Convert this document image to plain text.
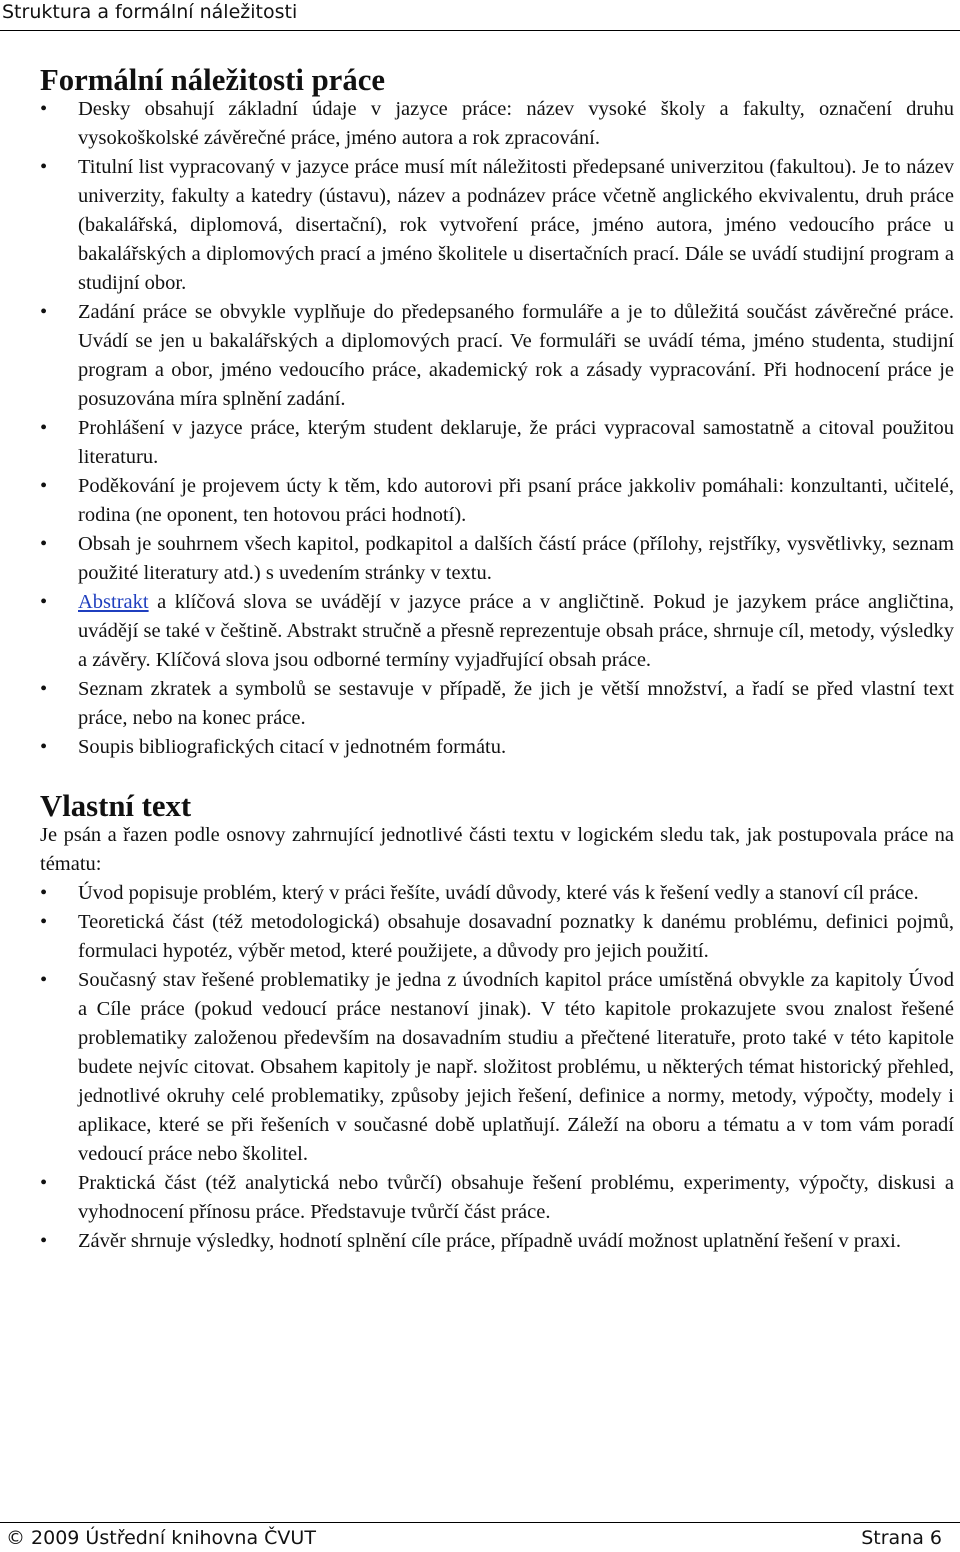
Struktura a formální náležitosti
Formální náležitosti práce
• Desky obsahují základní údaje v jazyce práce: název vysoké školy a fakulty, označení druhu vysokoškolské závěrečné práce, jméno autora a rok zpracování.
• Titulní list vypracovaný v jazyce práce musí mít náležitosti předepsané univerzitou (fakultou). Je to název univerzity, fakulty a katedry (ústavu), název a podnázev práce včetně anglického ekvivalentu, druh práce (bakalářská, diplomová, disertační), rok vytvoření práce, jméno autora, jméno vedoucího práce u bakalářských a diplomových prací a jméno školitele u disertačních prací. Dále se uvádí studijní program a studijní obor.
• Zadání práce se obvykle vyplňuje do předepsaného formuláře a je to důležitá součást závěrečné práce. Uvádí se jen u bakalářských a diplomových prací. Ve formuláři se uvádí téma, jméno studenta, studijní program a obor, jméno vedoucího práce, akademický rok a zásady vypracování. Při hodnocení práce je posuzována míra splnění zadání.
• Prohlášení v jazyce práce, kterým student deklaruje, že práci vypracoval samostatně a citoval použitou literaturu.
• Poděkování je projevem úcty k těm, kdo autorovi při psaní práce jakkoliv pomáhali: konzultanti, učitelé, rodina (ne oponent, ten hotovou práci hodnotí).
• Obsah je souhrnem všech kapitol, podkapitol a dalších částí práce (přílohy, rejstříky, vysvětlivky, seznam použité literatury atd.) s uvedením stránky v textu.
• Abstrakt a klíčová slova se uvádějí v jazyce práce a v angličtině. Pokud je jazykem práce angličtina, uvádějí se také v češtině. Abstrakt stručně a přesně reprezentuje obsah práce, shrnuje cíl, metody, výsledky a závěry. Klíčová slova jsou odborné termíny vyjadřující obsah práce.
• Seznam zkratek a symbolů se sestavuje v případě, že jich je větší množství, a řadí se před vlastní text práce, nebo na konec práce.
• Soupis bibliografických citací v jednotném formátu.
Vlastní text

Je psán a řazen podle osnovy zahrnující jednotlivé části textu v logickém sledu tak, jak postupovala práce na tématu:

• Úvod popisuje problém, který v práci řešíte, uvádí důvody, které vás k řešení vedly a stanoví cíl práce.
• Teoretická část (též metodologická) obsahuje dosavadní poznatky k danému problému, definici pojmů, formulaci hypotéz, výběr metod, které použijete, a důvody pro jejich použití.
• Současný stav řešené problematiky je jedna z úvodních kapitol práce umístěná obvykle za kapitoly Úvod a Cíle práce (pokud vedoucí práce nestanoví jinak). V této kapitole prokazujete svou znalost řešené problematiky založenou především na dosavadním studiu a přečtené literatuře, proto také v této kapitole budete nejvíc citovat. Obsahem kapitoly je např. složitost problému, u některých témat historický přehled, jednotlivé okruhy celé problematiky, způsoby jejich řešení, definice a normy, metody, výpočty, modely i aplikace, které se při řešeních v současné době uplatňují. Záleží na oboru a tématu a v tom vám poradí vedoucí práce nebo školitel.
• Praktická část (též analytická nebo tvůrčí) obsahuje řešení problému, experimenty, výpočty, diskusi a vyhodnocení přínosu práce. Představuje tvůrčí část práce.
• Závěr shrnuje výsledky, hodnotí splnění cíle práce, případně uvádí možnost uplatnění řešení v praxi.
© 2009 Ústřední knihovna ČVUT	Strana 6
